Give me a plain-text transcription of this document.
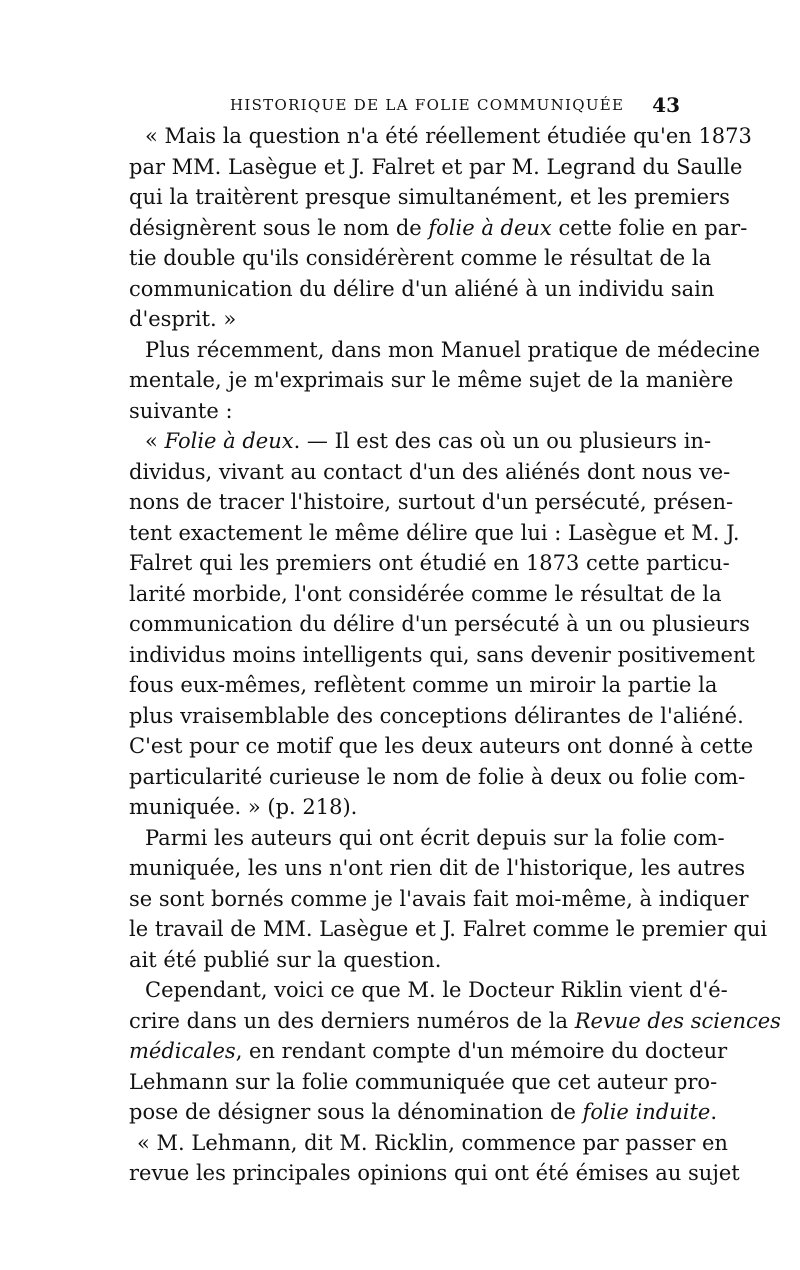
HISTORIQUE DE LA FOLIE COMMUNIQUÉE 43
« Mais la question n'a été réellement étudiée qu'en 1873
par MM. Lasègue et J. Falret et par M. Legrand du Saulle
qui la traitèrent presque simultanément, et les premiers
désignèrent sous le nom de folie à deux cette folie en par-
tie double qu'ils considérèrent comme le résultat de la
communication du délire d'un aliéné à un individu sain
d'esprit. »
Plus récemment, dans mon Manuel pratique de médecine
mentale, je m'exprimais sur le même sujet de la manière
suivante :
« Folie à deux. — Il est des cas où un ou plusieurs in-
dividus, vivant au contact d'un des aliénés dont nous ve-
nons de tracer l'histoire, surtout d'un persécuté, présen-
tent exactement le même délire que lui : Lasègue et M. J.
Falret qui les premiers ont étudié en 1873 cette particu-
larité morbide, l'ont considérée comme le résultat de la
communication du délire d'un persécuté à un ou plusieurs
individus moins intelligents qui, sans devenir positivement
fous eux-mêmes, reflètent comme un miroir la partie la
plus vraisemblable des conceptions délirantes de l'aliéné.
C'est pour ce motif que les deux auteurs ont donné à cette
particularité curieuse le nom de folie à deux ou folie com-
muniquée. » (p. 218).
Parmi les auteurs qui ont écrit depuis sur la folie com-
muniquée, les uns n'ont rien dit de l'historique, les autres
se sont bornés comme je l'avais fait moi-même, à indiquer
le travail de MM. Lasègue et J. Falret comme le premier qui
ait été publié sur la question.
Cependant, voici ce que M. le Docteur Riklin vient d'é-
crire dans un des derniers numéros de la Revue des sciences
médicales, en rendant compte d'un mémoire du docteur
Lehmann sur la folie communiquée que cet auteur pro-
pose de désigner sous la dénomination de folie induite.
« M. Lehmann, dit M. Ricklin, commence par passer en
revue les principales opinions qui ont été émises au sujet
